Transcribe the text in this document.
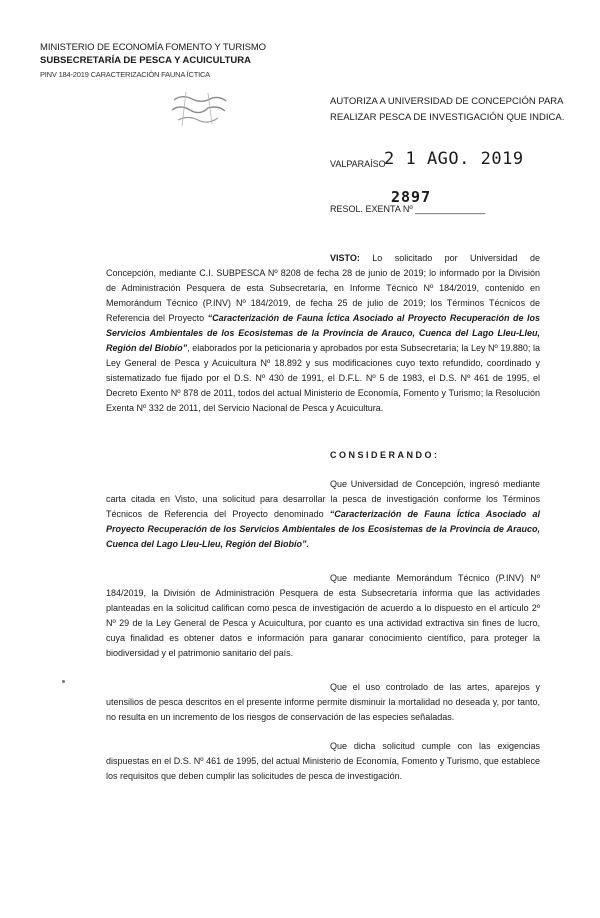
MINISTERIO DE ECONOMÍA FOMENTO Y TURISMO
SUBSECRETARÍA DE PESCA Y ACUICULTURA
PINV 184-2019 CARACTERIZACIÓN FAUNA ÍCTICA
AUTORIZA A UNIVERSIDAD DE CONCEPCIÓN PARA
REALIZAR PESCA DE INVESTIGACIÓN QUE INDICA.
VALPARAÍSO
2 1 AGO. 2019
2897
RESOL. EXENTA Nº ______________
VISTO: Lo solicitado por Universidad de Concepción, mediante C.I. SUBPESCA Nº 8208 de fecha 28 de junio de 2019; lo informado por la División de Administración Pesquera de esta Subsecretaría, en Informe Técnico Nº 184/2019, contenido en Memorándum Técnico (P.INV) Nº 184/2019, de fecha 25 de julio de 2019; los Términos Técnicos de Referencia del Proyecto “Caracterización de Fauna Íctica Asociado al Proyecto Recuperación de los Servicios Ambientales de los Ecosistemas de la Provincia de Arauco, Cuenca del Lago Lleu-Lleu, Región del Biobío”, elaborados por la peticionaria y aprobados por esta Subsecretaría; la Ley Nº 19.880; la Ley General de Pesca y Acuicultura Nº 18.892 y sus modificaciones cuyo texto refundido, coordinado y sistematizado fue fijado por el D.S. Nº 430 de 1991, el D.F.L. Nº 5 de 1983, el D.S. Nº 461 de 1995, el Decreto Exento Nº 878 de 2011, todos del actual Ministerio de Economía, Fomento y Turismo; la Resolución Exenta Nº 332 de 2011, del Servicio Nacional de Pesca y Acuicultura.
CONSIDERANDO:
Que Universidad de Concepción, ingresó mediante carta citada en Visto, una solicitud para desarrollar la pesca de investigación conforme los Términos Técnicos de Referencia del Proyecto denominado “Caracterización de Fauna Íctica Asociado al Proyecto Recuperación de los Servicios Ambientales de los Ecosistemas de la Provincia de Arauco, Cuenca del Lago Lleu-Lleu, Región del Biobío”.
Que mediante Memorándum Técnico (P.INV) Nº 184/2019, la División de Administración Pesquera de esta Subsecretaría informa que las actividades planteadas en la solicitud califican como pesca de investigación de acuerdo a lo dispuesto en el artículo 2º Nº 29 de la Ley General de Pesca y Acuicultura, por cuanto es una actividad extractiva sin fines de lucro, cuya finalidad es obtener datos e información para ganarar conocimiento científico, para proteger la biodiversidad y el patrimonio sanitario del país.
Que el uso controlado de las artes, aparejos y utensilios de pesca descritos en el presente informe permite disminuir la mortalidad no deseada y, por tanto, no resulta en un incremento de los riesgos de conservación de las especies señaladas.
Que dicha solicitud cumple con las exigencias dispuestas en el D.S. Nº 461 de 1995, del actual Ministerio de Economía, Fomento y Turismo, que establece los requisitos que deben cumplir las solicitudes de pesca de investigación.
